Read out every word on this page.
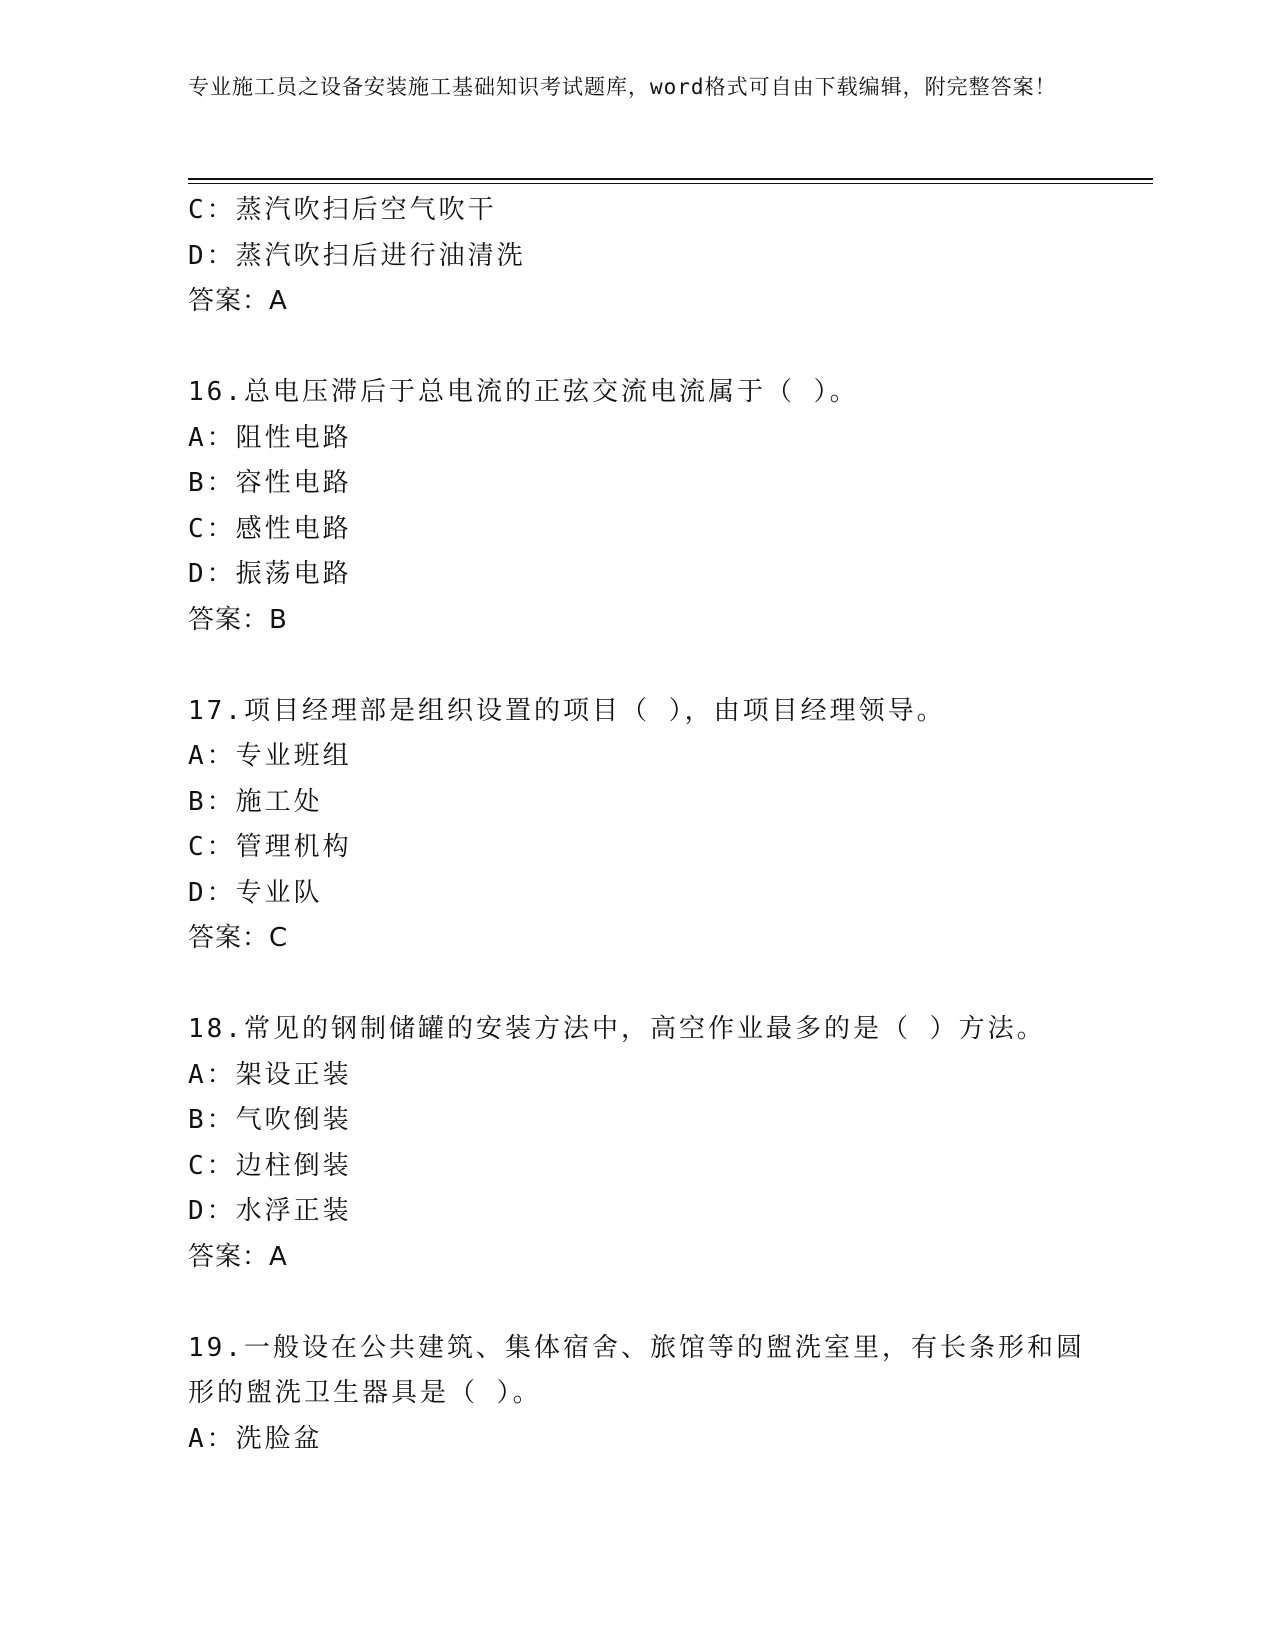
专业施工员之设备安装施工基础知识考试题库，word格式可自由下载编辑，附完整答案！
C：蒸汽吹扫后空气吹干
D：蒸汽吹扫后进行油清洗
答案：A
16.总电压滞后于总电流的正弦交流电流属于（ ）。
A：阻性电路
B：容性电路
C：感性电路
D：振荡电路
答案：B
17.项目经理部是组织设置的项目（ ），由项目经理领导。
A：专业班组
B：施工处
C：管理机构
D：专业队
答案：C
18.常见的钢制储罐的安装方法中，高空作业最多的是（ ）方法。
A：架设正装
B：气吹倒装
C：边柱倒装
D：水浮正装
答案：A
19.一般设在公共建筑、集体宿舍、旅馆等的盥洗室里，有长条形和圆
形的盥洗卫生器具是（ ）。
A：洗脸盆
